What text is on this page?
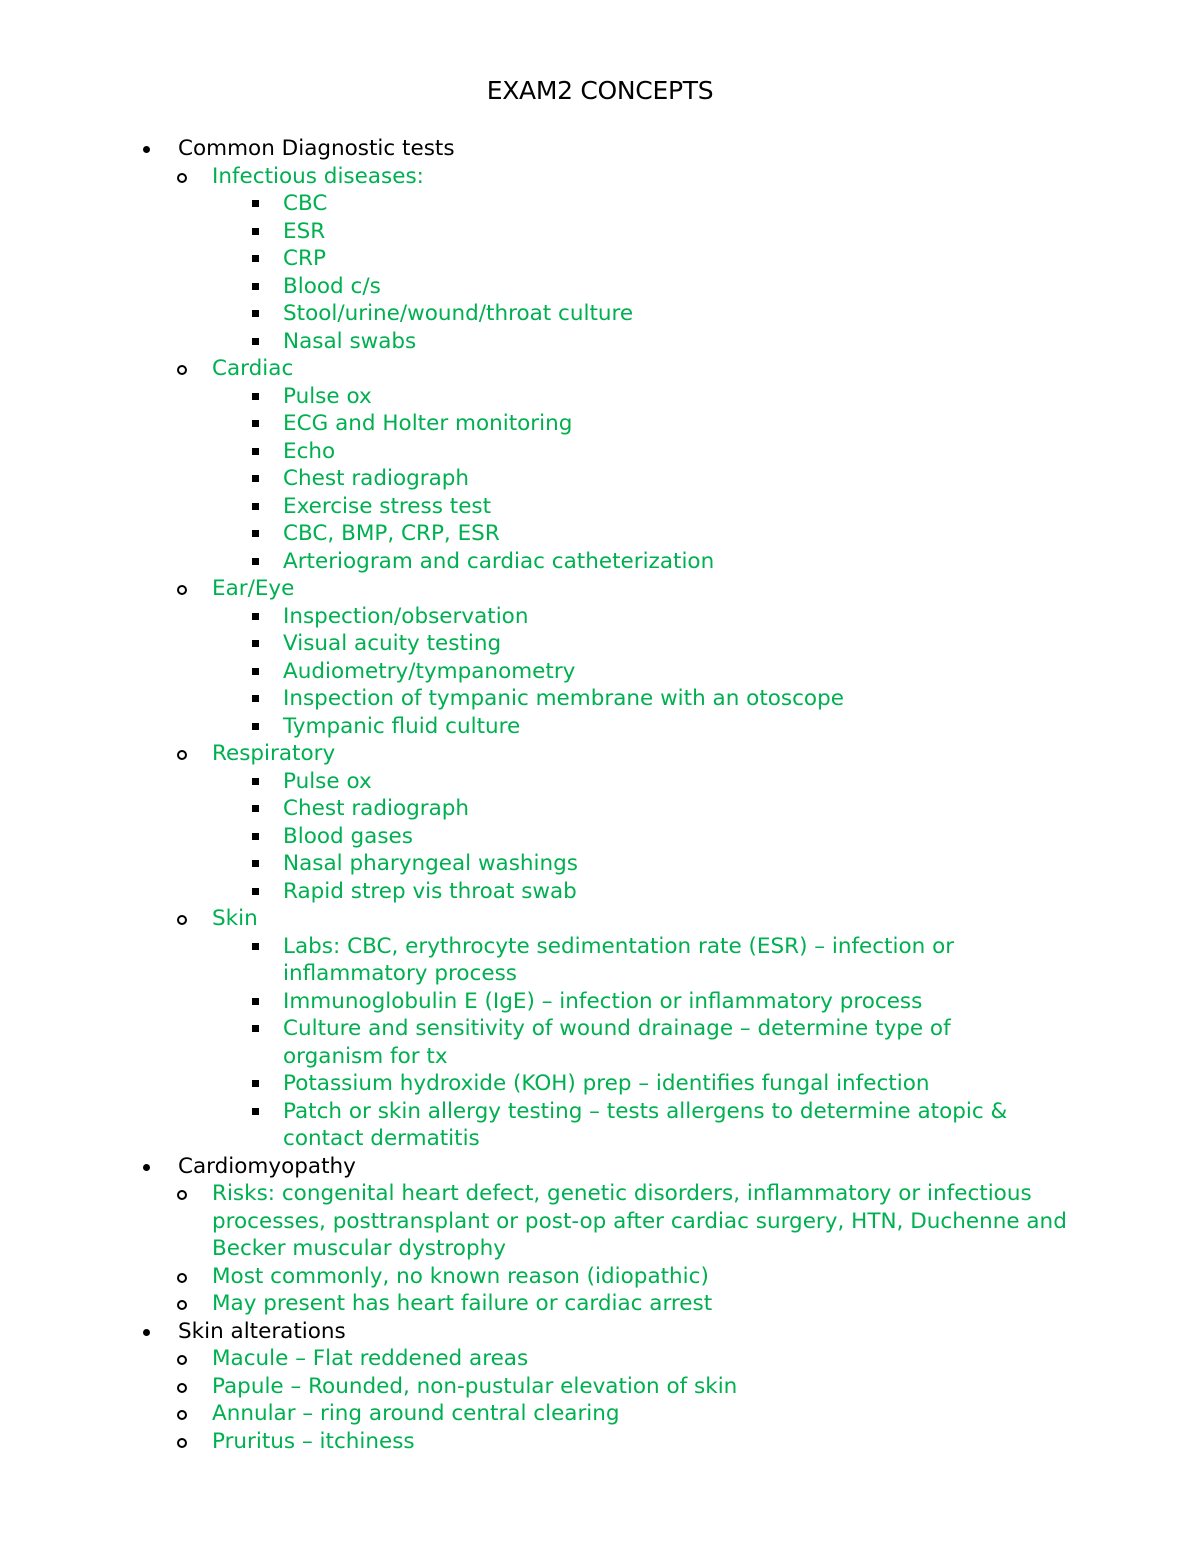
EXAM2 CONCEPTS
Common Diagnostic tests
Infectious diseases:
CBC
ESR
CRP
Blood c/s
Stool/urine/wound/throat culture
Nasal swabs
Cardiac
Pulse ox
ECG and Holter monitoring
Echo
Chest radiograph
Exercise stress test
CBC, BMP, CRP, ESR
Arteriogram and cardiac catheterization
Ear/Eye
Inspection/observation
Visual acuity testing
Audiometry/tympanometry
Inspection of tympanic membrane with an otoscope
Tympanic fluid culture
Respiratory
Pulse ox
Chest radiograph
Blood gases
Nasal pharyngeal washings
Rapid strep vis throat swab
Skin
Labs: CBC, erythrocyte sedimentation rate (ESR) – infection or inflammatory process
Immunoglobulin E (IgE) – infection or inflammatory process
Culture and sensitivity of wound drainage – determine type of organism for tx
Potassium hydroxide (KOH) prep – identifies fungal infection
Patch or skin allergy testing – tests allergens to determine atopic & contact dermatitis
Cardiomyopathy
Risks: congenital heart defect, genetic disorders, inflammatory or infectious processes, posttransplant or post-op after cardiac surgery, HTN, Duchenne and Becker muscular dystrophy
Most commonly, no known reason (idiopathic)
May present has heart failure or cardiac arrest
Skin alterations
Macule – Flat reddened areas
Papule – Rounded, non-pustular elevation of skin
Annular – ring around central clearing
Pruritus – itchiness
